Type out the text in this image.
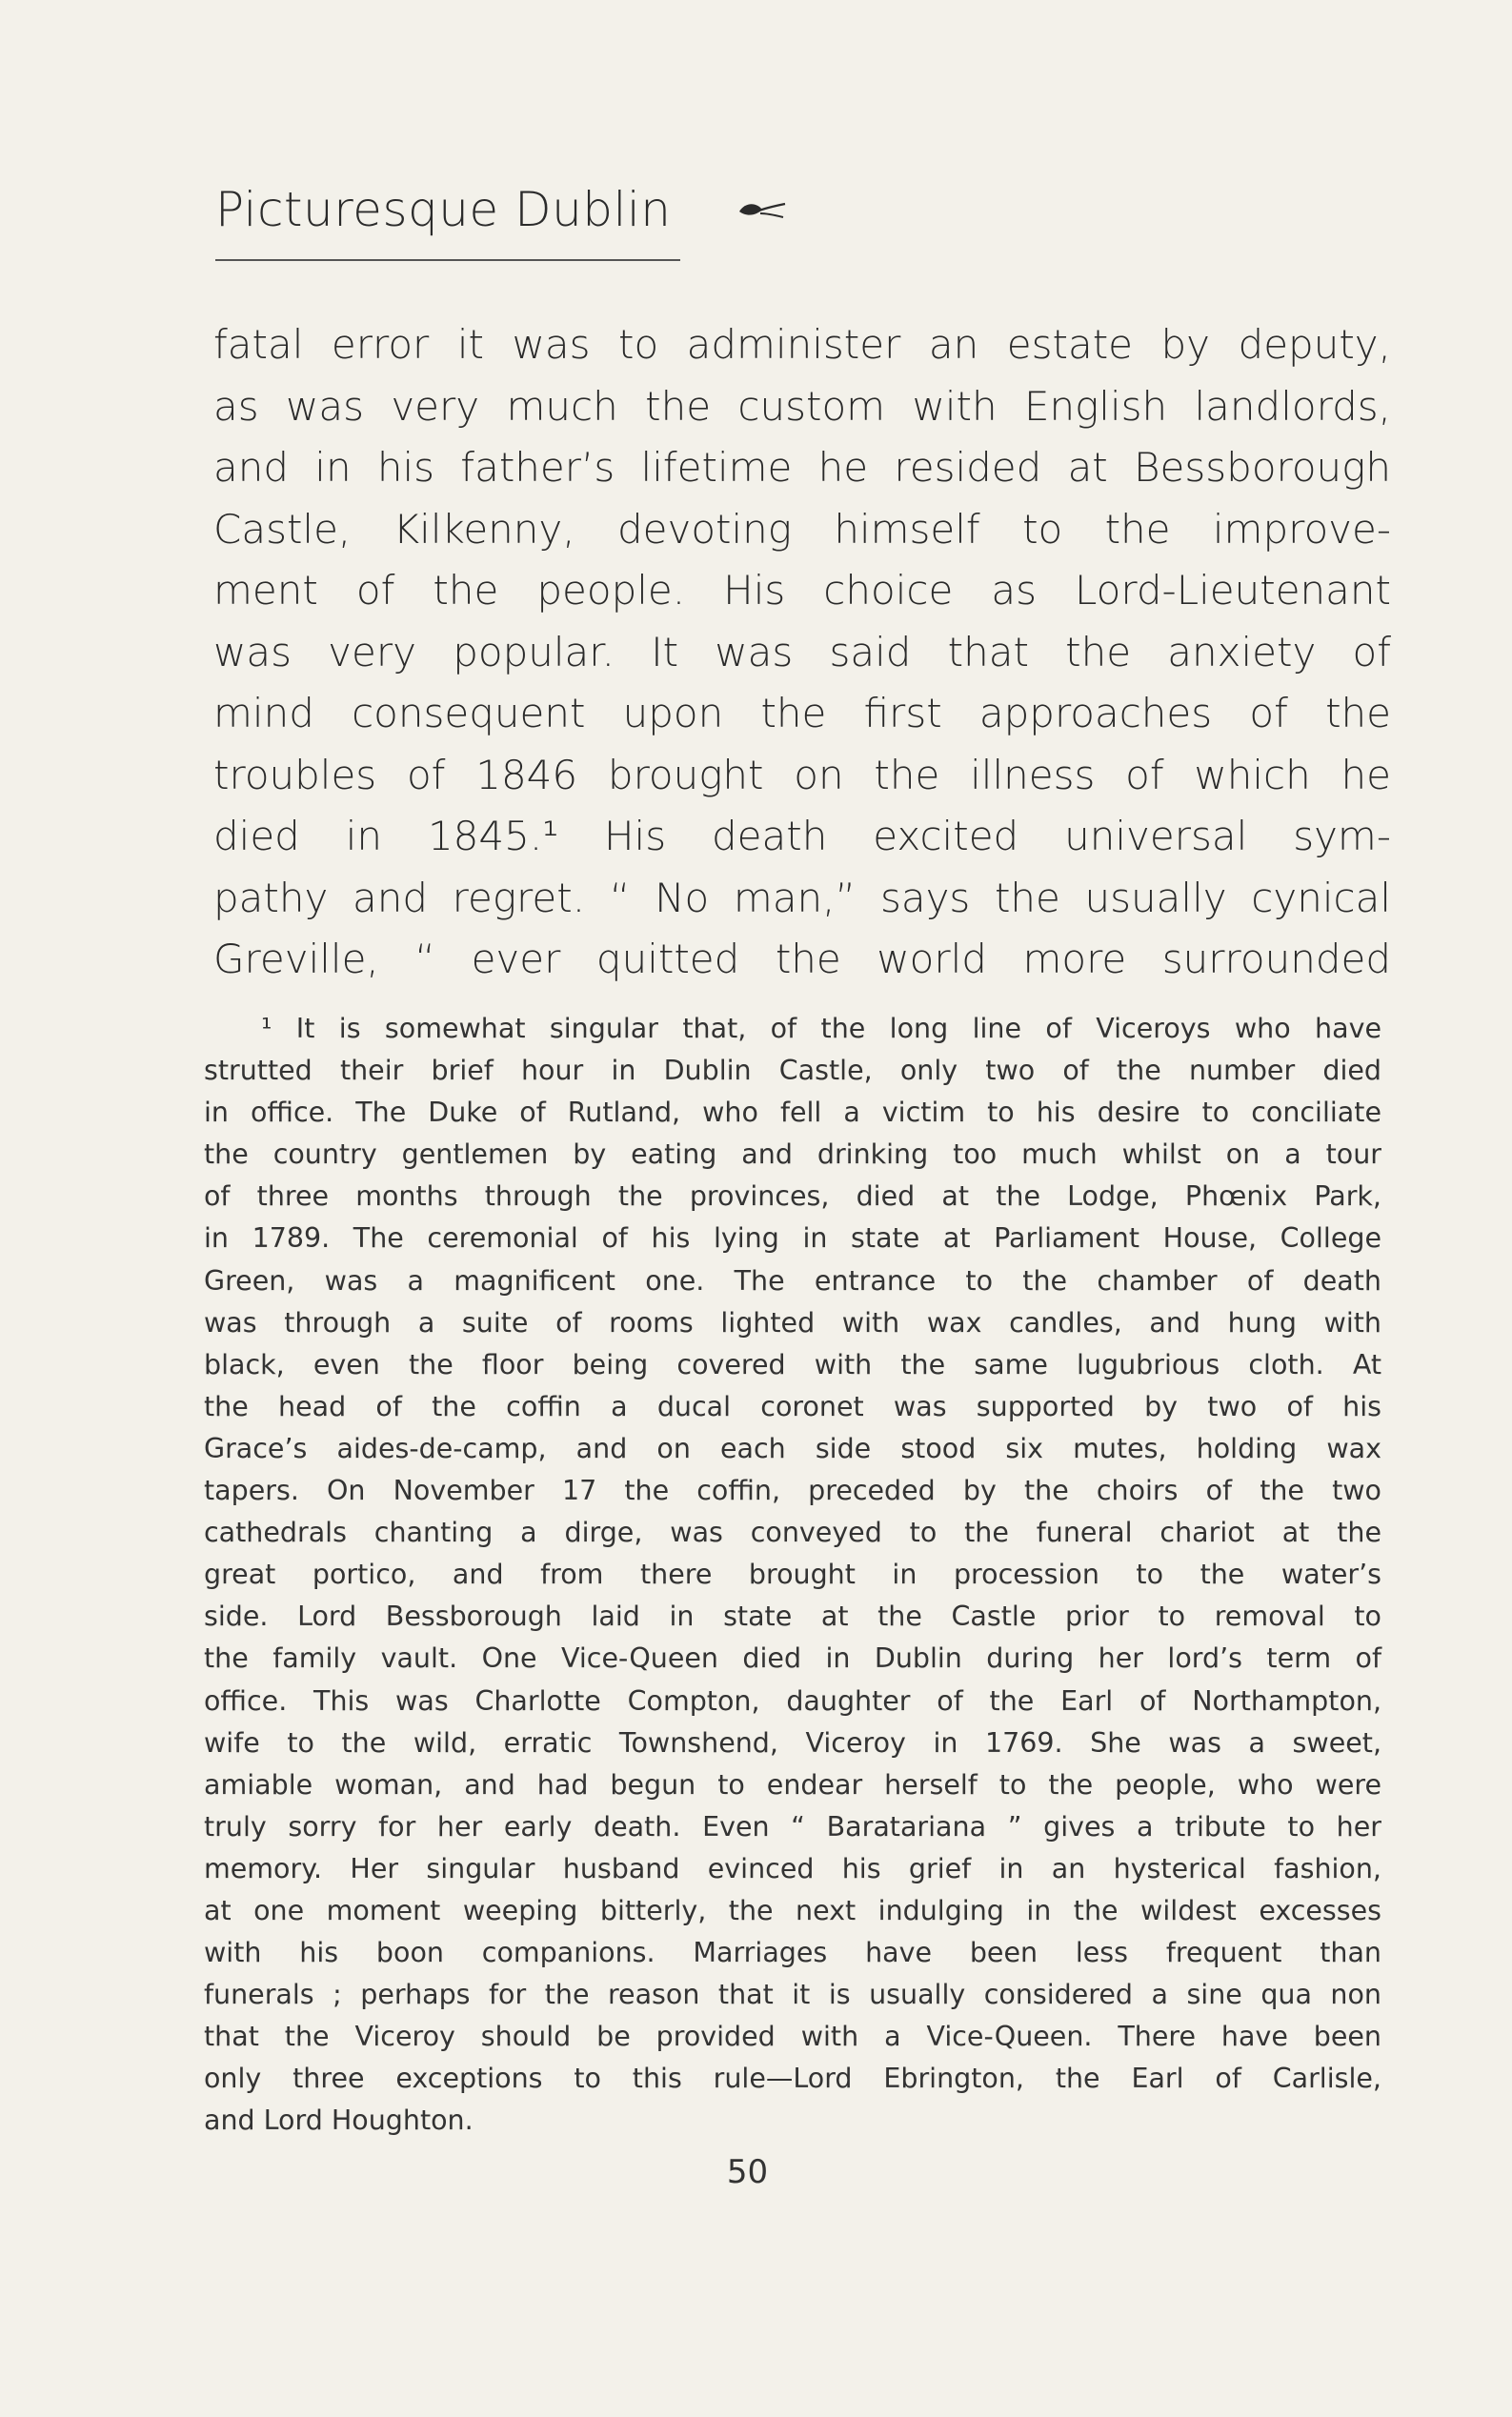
Picturesque Dublin
fatal error it was to administer an estate by deputy,
as was very much the custom with English landlords,
and in his father’s lifetime he resided at Bessborough
Castle, Kilkenny, devoting himself to the improve-
ment of the people. His choice as Lord-Lieutenant
was very popular. It was said that the anxiety of
mind consequent upon the first approaches of the
troubles of 1846 brought on the illness of which he
died in 1845.¹ His death excited universal sym-
pathy and regret. “ No man,” says the usually cynical
Greville, “ ever quitted the world more surrounded
¹ It is somewhat singular that, of the long line of Viceroys who have
strutted their brief hour in Dublin Castle, only two of the number died
in office. The Duke of Rutland, who fell a victim to his desire to conciliate
the country gentlemen by eating and drinking too much whilst on a tour
of three months through the provinces, died at the Lodge, Phœnix Park,
in 1789. The ceremonial of his lying in state at Parliament House, College
Green, was a magnificent one. The entrance to the chamber of death
was through a suite of rooms lighted with wax candles, and hung with
black, even the floor being covered with the same lugubrious cloth. At
the head of the coffin a ducal coronet was supported by two of his
Grace’s aides-de-camp, and on each side stood six mutes, holding wax
tapers. On November 17 the coffin, preceded by the choirs of the two
cathedrals chanting a dirge, was conveyed to the funeral chariot at the
great portico, and from there brought in procession to the water’s
side. Lord Bessborough laid in state at the Castle prior to removal to
the family vault. One Vice-Queen died in Dublin during her lord’s term of
office. This was Charlotte Compton, daughter of the Earl of Northampton,
wife to the wild, erratic Townshend, Viceroy in 1769. She was a sweet,
amiable woman, and had begun to endear herself to the people, who were
truly sorry for her early death. Even “ Baratariana ” gives a tribute to her
memory. Her singular husband evinced his grief in an hysterical fashion,
at one moment weeping bitterly, the next indulging in the wildest excesses
with his boon companions. Marriages have been less frequent than
funerals ; perhaps for the reason that it is usually considered a sine qua non
that the Viceroy should be provided with a Vice-Queen. There have been
only three exceptions to this rule—Lord Ebrington, the Earl of Carlisle,
and Lord Houghton.
50
